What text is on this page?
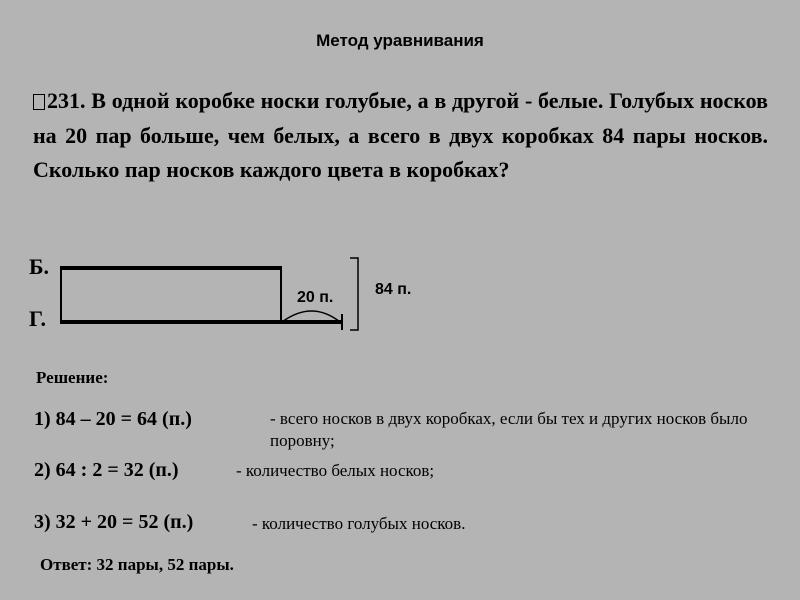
Метод уравнивания
231. В одной коробке носки голубые, а в другой - белые. Голубых носков на 20 пар больше, чем белых, а всего в двух коробках 84 пары носков. Сколько пар носков каждого цвета в коробках?
Б.
Г.
20 п.	84 п.
Решение:
1) 84 – 20 = 64 (п.)	- всего носков в двух коробках, если бы тех и других носков было поровну;
2) 64 : 2 = 32 (п.)	- количество белых носков;
3) 32 + 20 = 52 (п.)	- количество голубых носков.
Ответ: 32 пары, 52 пары.
